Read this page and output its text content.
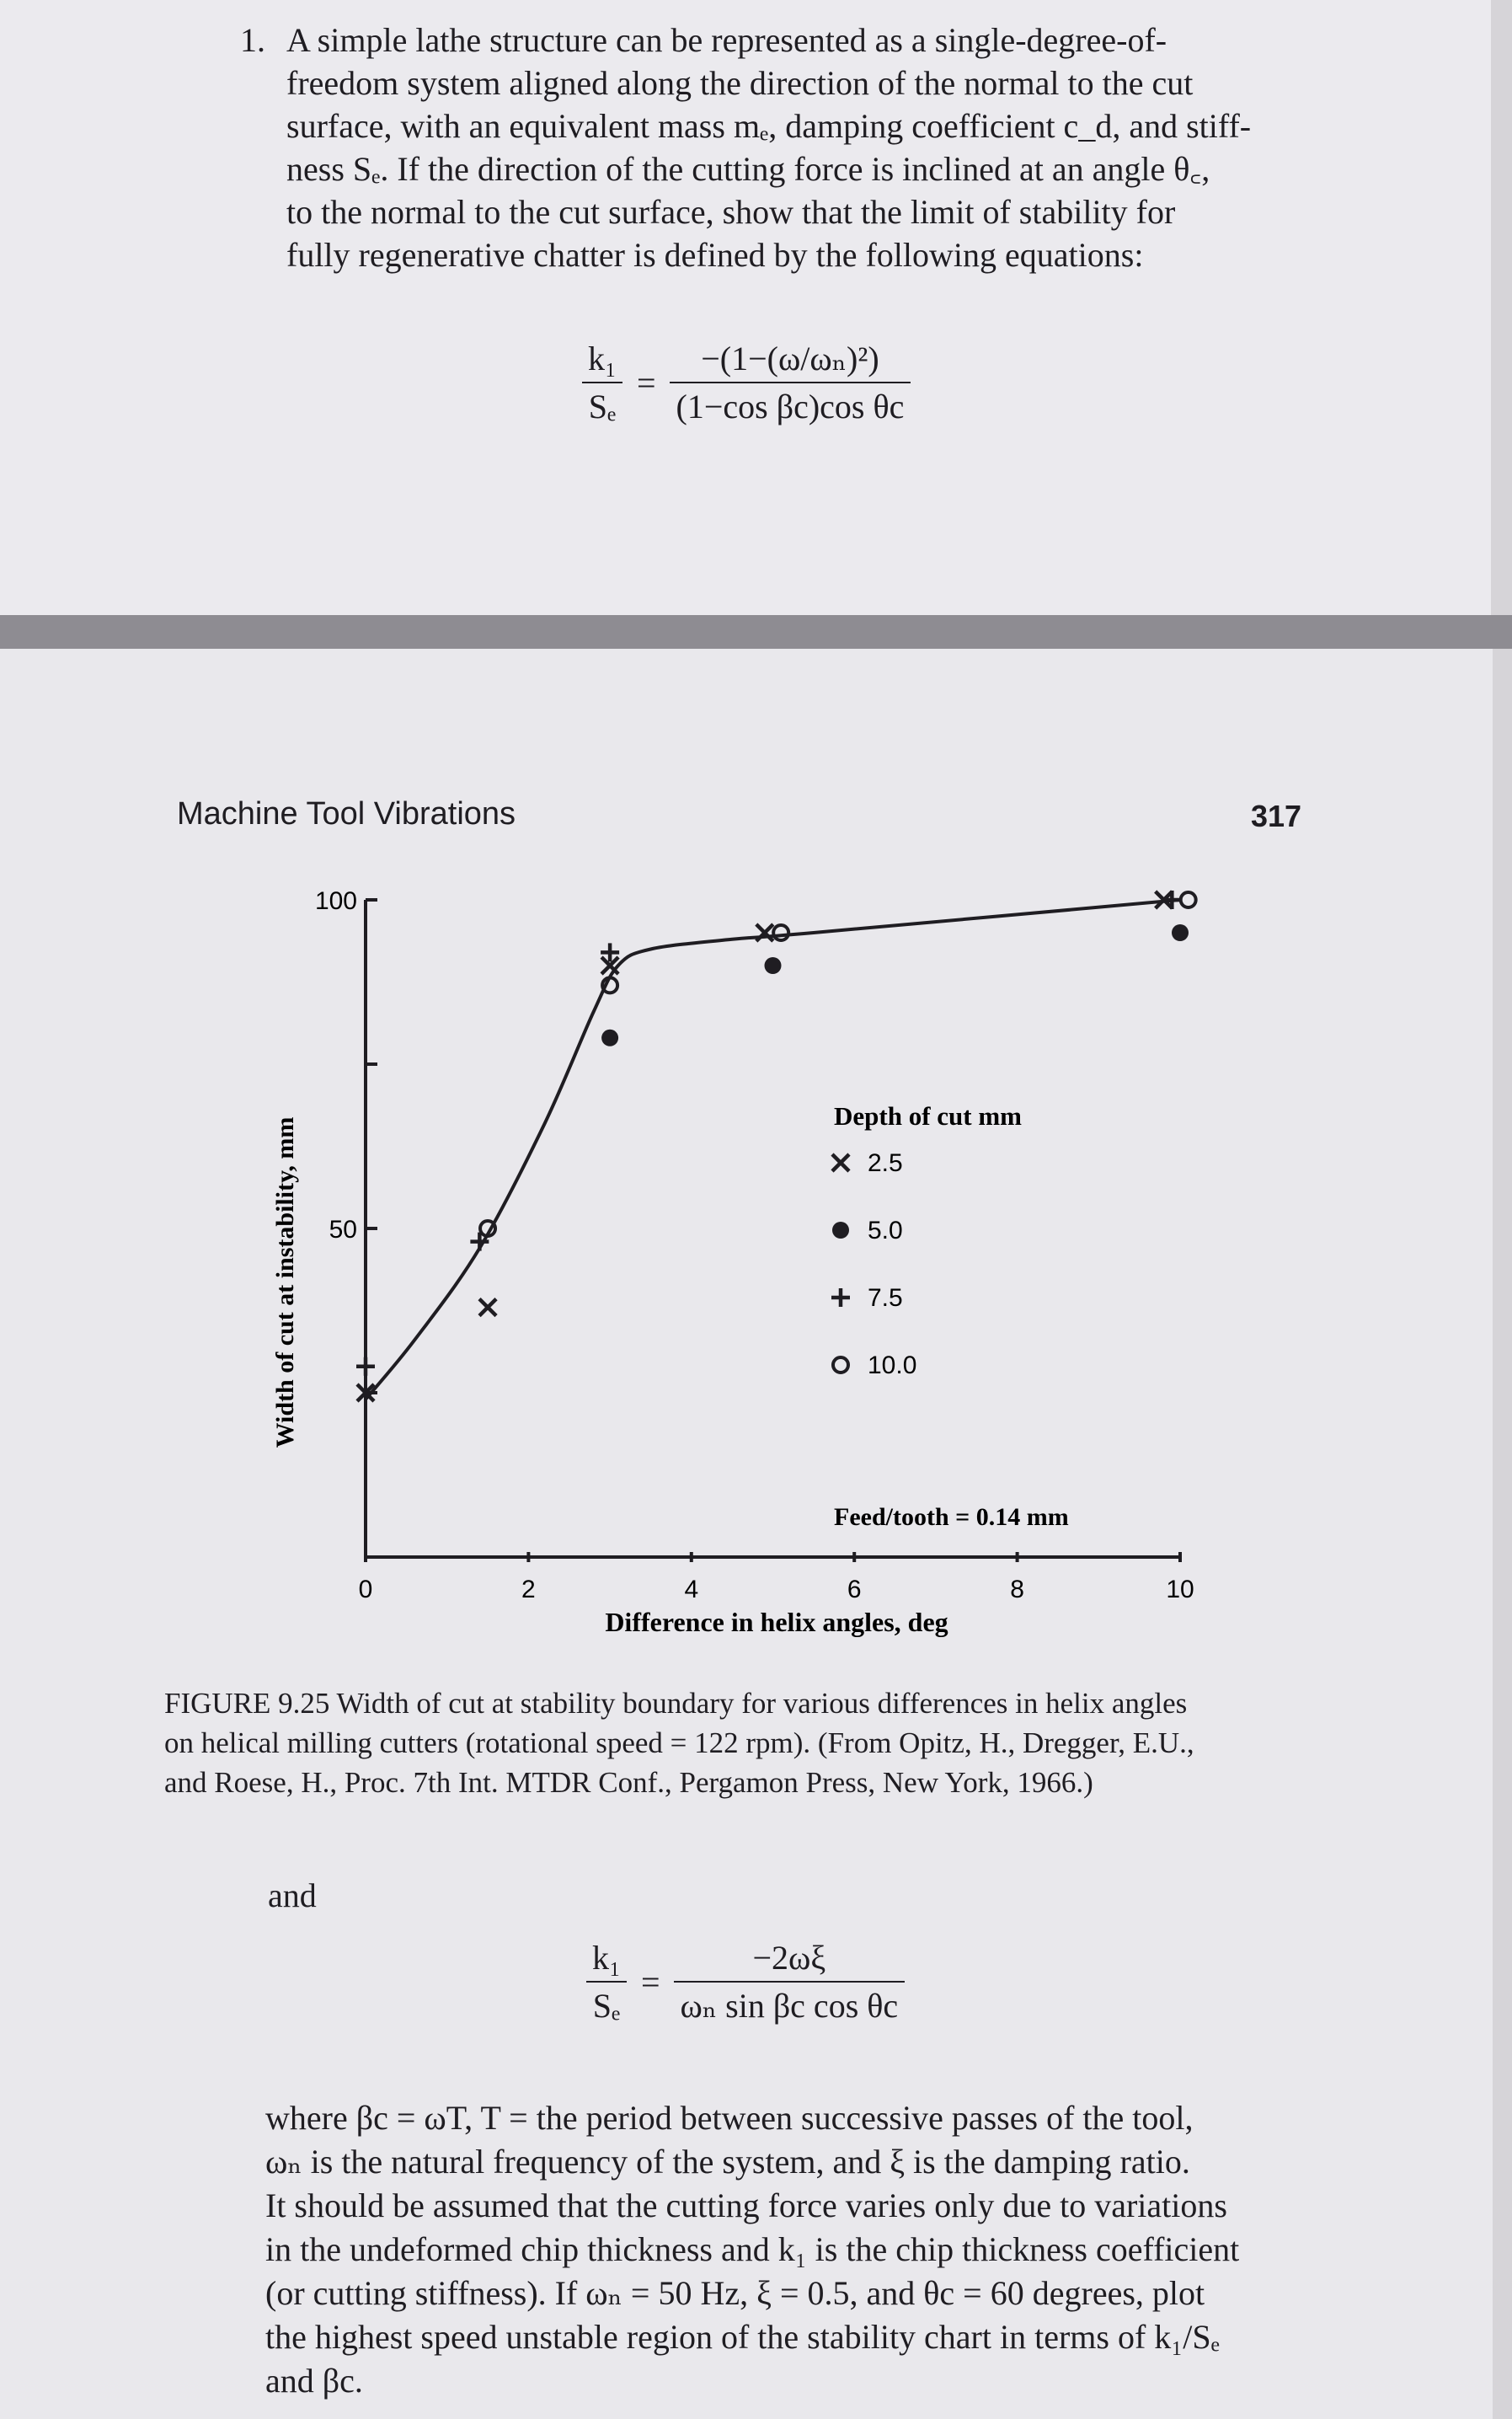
1. A simple lathe structure can be represented as a single-degree-of-
freedom system aligned along the direction of the normal to the cut
surface, with an equivalent mass mₑ, damping coefficient c_d, and stiff-
ness Sₑ. If the direction of the cutting force is inclined at an angle θ꜀,
to the normal to the cut surface, show that the limit of stability for
fully regenerative chatter is defined by the following equations:
$\frac{\text{k₁}}{\text{Sₑ}} = \frac{\text{−(1−(ω/ωₙ)²)}}{\text{(1−cos βc)cos θc}}$
Machine Tool Vibrations	317
0	2	4	6	8	10
50
100
Depth of cut mm
2.5
5.0
7.5
10.0
Width of cut at instability, mm
Difference in helix angles, deg
Feed/tooth = 0.14 mm
FIGURE 9.25 Width of cut at stability boundary for various differences in helix angles
on helical milling cutters (rotational speed = 122 rpm). (From Opitz, H., Dregger, E.U.,
and Roese, H., Proc. 7th Int. MTDR Conf., Pergamon Press, New York, 1966.)
and
$\frac{\text{k₁}}{\text{Sₑ}} = \frac{-2\omega\xi}{\text{ωₙ sin βc cos θc}}$
where βc = ωT, T = the period between successive passes of the tool,
ωₙ is the natural frequency of the system, and ξ is the damping ratio.
It should be assumed that the cutting force varies only due to variations
in the undeformed chip thickness and k₁ is the chip thickness coefficient
(or cutting stiffness). If ωₙ = 50 Hz, ξ = 0.5, and θc = 60 degrees, plot
the highest speed unstable region of the stability chart in terms of k₁/Sₑ
and βc.
